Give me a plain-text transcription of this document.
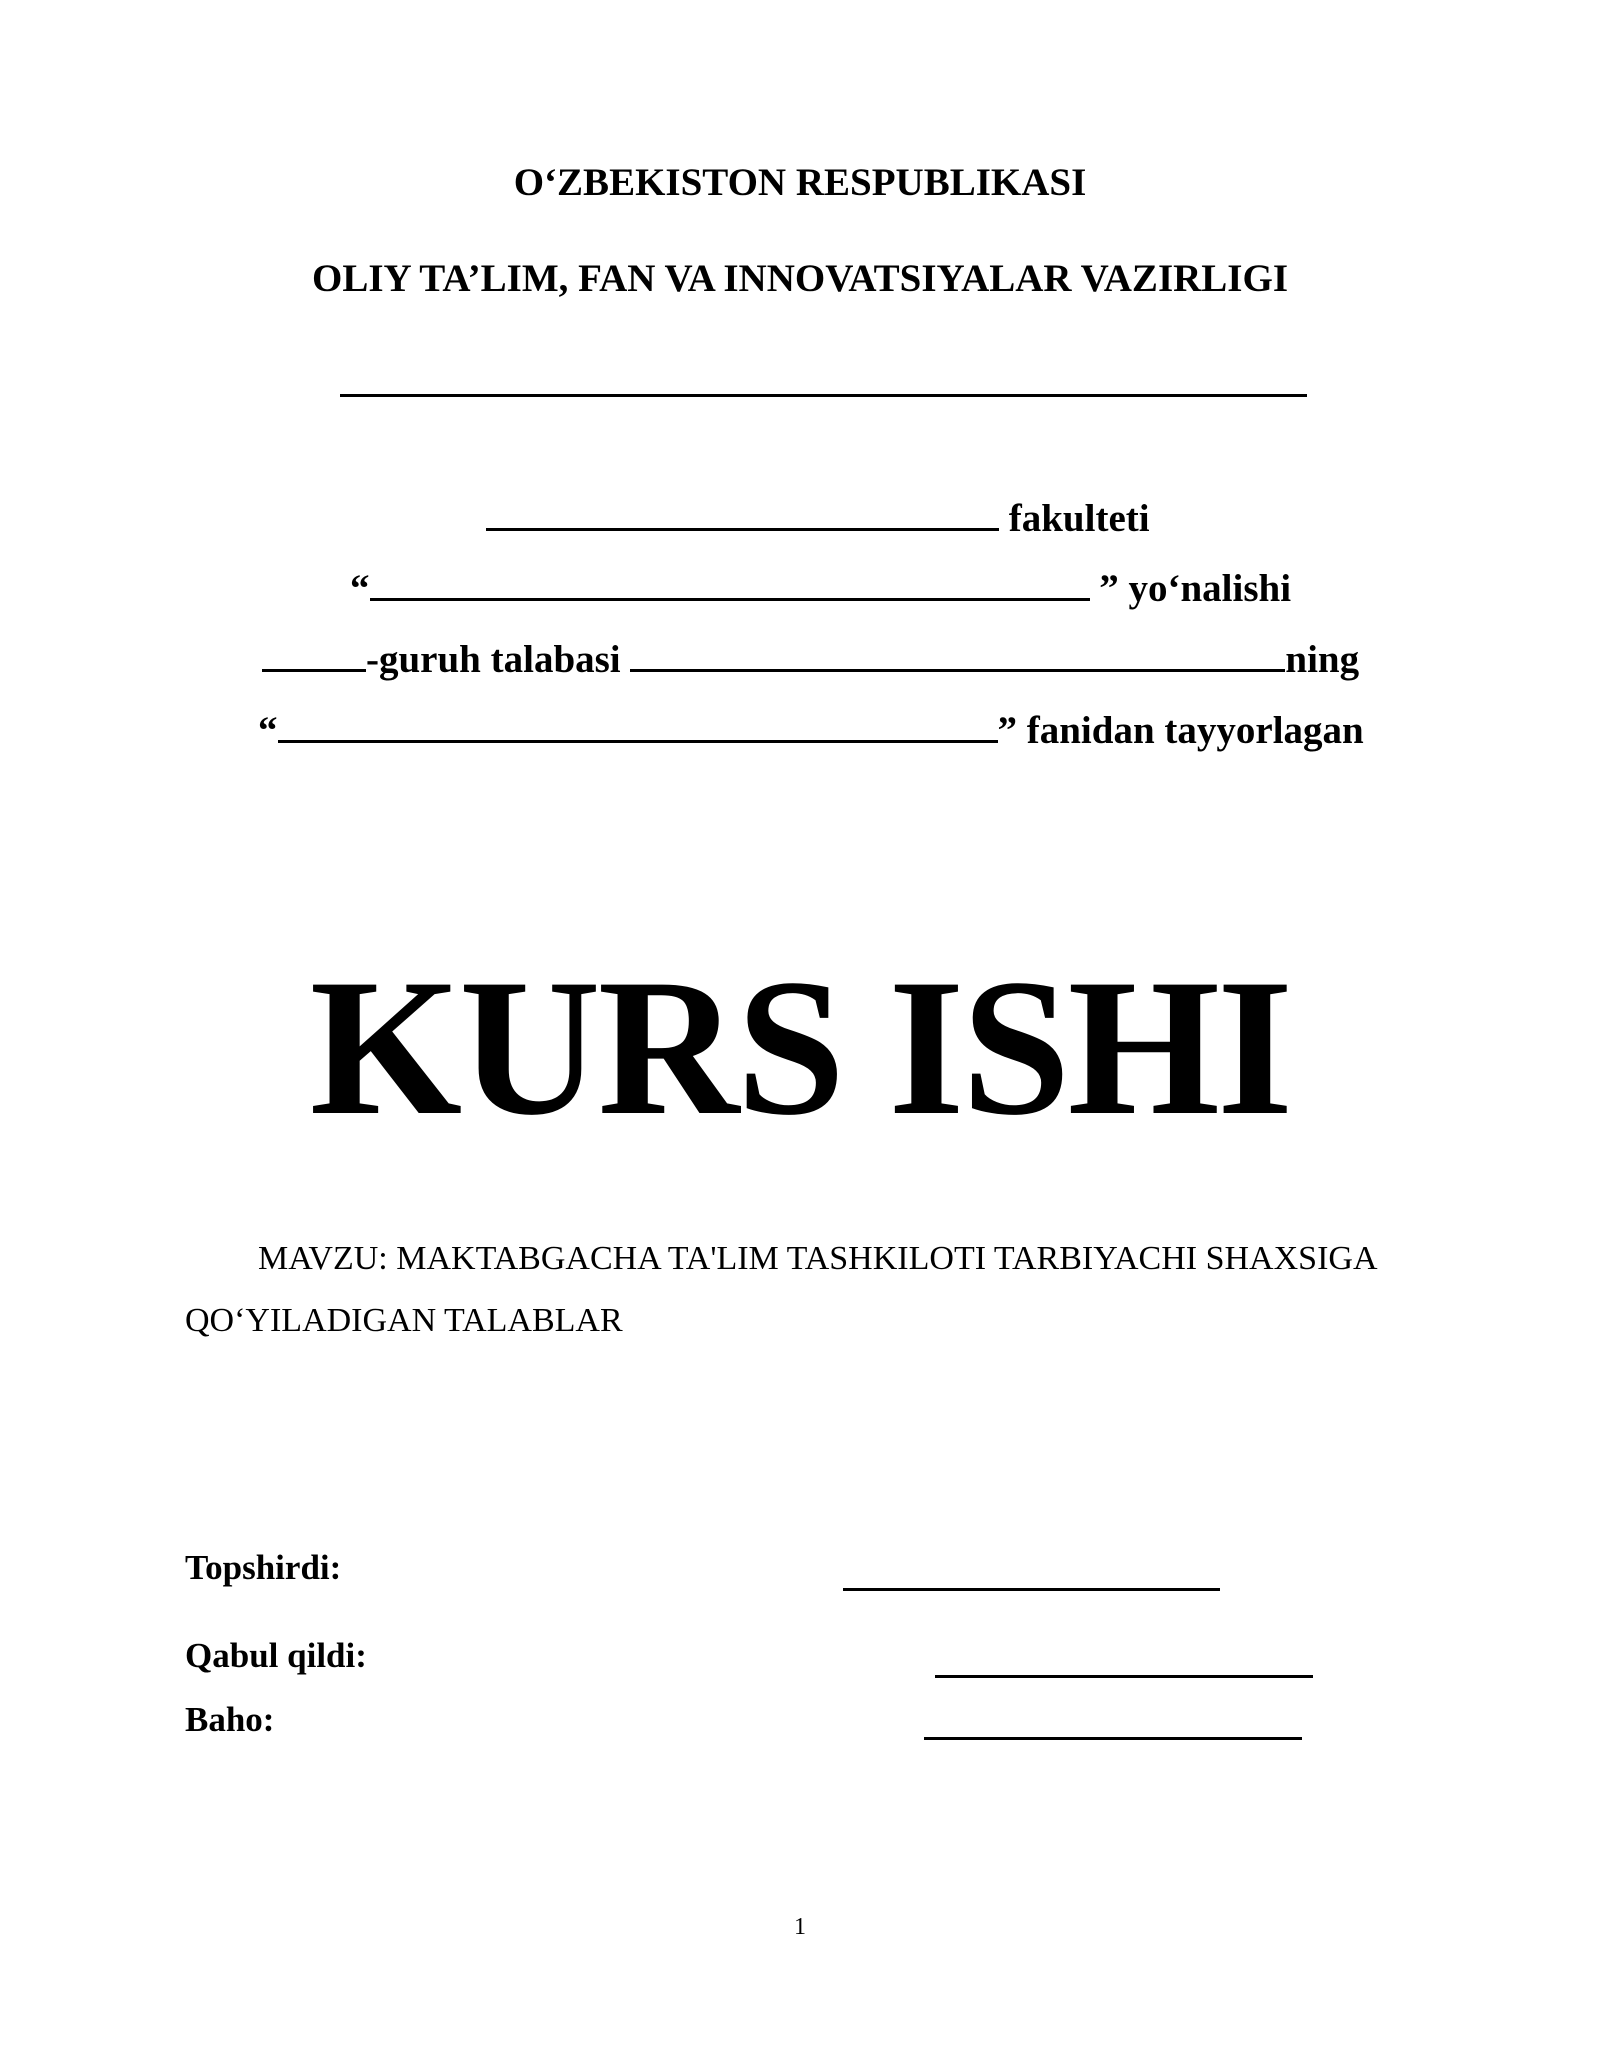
O‘ZBEKISTON RESPUBLIKASI
OLIY TA’LIM, FAN VA INNOVATSIYALAR VAZIRLIGI
fakulteti
“	” yo‘nalishi
-guruh talabasi	ning
“	” fanidan tayyorlagan
KURS ISHI
MAVZU: MAKTABGACHA TA'LIM TASHKILOTI TARBIYACHI SHAXSIGA
QO‘YILADIGAN TALABLAR
Topshirdi:
Qabul qildi:
Baho:
1
